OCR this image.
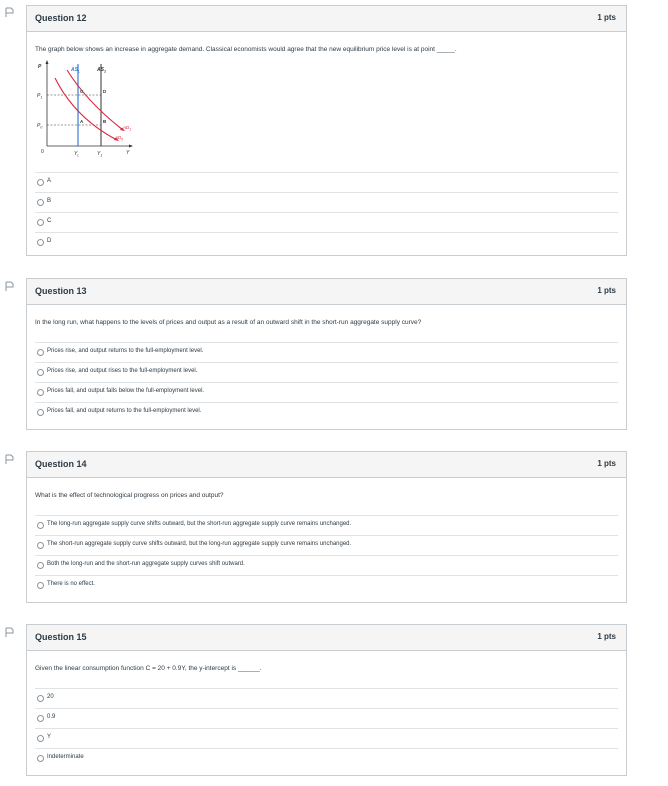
Question 12	1 pts
The graph below shows an increase in aggregate demand. Classical economists would agree that the new equilibrium price level is at point _____.
P	$AS_L$	$AS_1$
$P_1$
$P_0$
0	$Y_L$	$Y_1$	Y
$AD_1$
$AD_0$
A	B
C	D
A
B
C
D
Question 13	1 pts
In the long run, what happens to the levels of prices and output as a result of an outward shift in the short-run aggregate supply curve?
Prices rise, and output returns to the full-employment level.
Prices rise, and output rises to the full-employment level.
Prices fall, and output falls below the full-employment level.
Prices fall, and output returns to the full-employment level.
Question 14	1 pts
What is the effect of technological progress on prices and output?
The long-run aggregate supply curve shifts outward, but the short-run aggregate supply curve remains unchanged.
The short-run aggregate supply curve shifts outward, but the long-run aggregate supply curve remains unchanged.
Both the long-run and the short-run aggregate supply curves shift outward.
There is no effect.
Question 15	1 pts
Given the linear consumption function C = 20 + 0.9Y, the y-intercept is ______.
20
0.9
Y
Indeterminate
